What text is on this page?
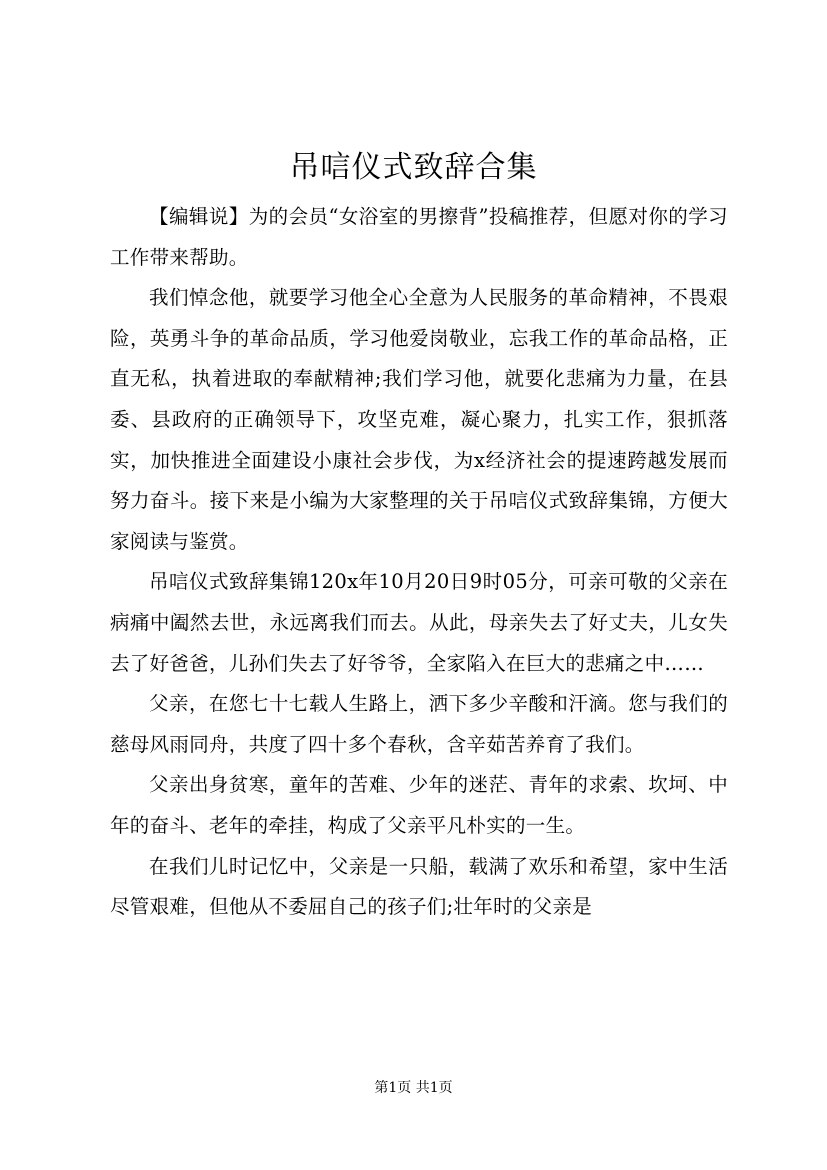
吊唁仪式致辞合集

【编辑说】为的会员“女浴室的男擦背”投稿推荐，但愿对你的学习工作带来帮助。

我们悼念他，就要学习他全心全意为人民服务的革命精神，不畏艰险，英勇斗争的革命品质，学习他爱岗敬业，忘我工作的革命品格，正直无私，执着进取的奉献精神;我们学习他，就要化悲痛为力量，在县委、县政府的正确领导下，攻坚克难，凝心聚力，扎实工作，狠抓落实，加快推进全面建设小康社会步伐，为x经济社会的提速跨越发展而努力奋斗。接下来是小编为大家整理的关于吊唁仪式致辞集锦，方便大家阅读与鉴赏。

吊唁仪式致辞集锦120x年10月20日9时05分，可亲可敬的父亲在病痛中阖然去世，永远离我们而去。从此，母亲失去了好丈夫，儿女失去了好爸爸，儿孙们失去了好爷爷，全家陷入在巨大的悲痛之中……

父亲，在您七十七载人生路上，洒下多少辛酸和汗滴。您与我们的慈母风雨同舟，共度了四十多个春秋，含辛茹苦养育了我们。

父亲出身贫寒，童年的苦难、少年的迷茫、青年的求索、坎坷、中年的奋斗、老年的牵挂，构成了父亲平凡朴实的一生。

在我们儿时记忆中，父亲是一只船，载满了欢乐和希望，家中生活尽管艰难，但他从不委屈自己的孩子们;壮年时的父亲是

第1页 共1页
